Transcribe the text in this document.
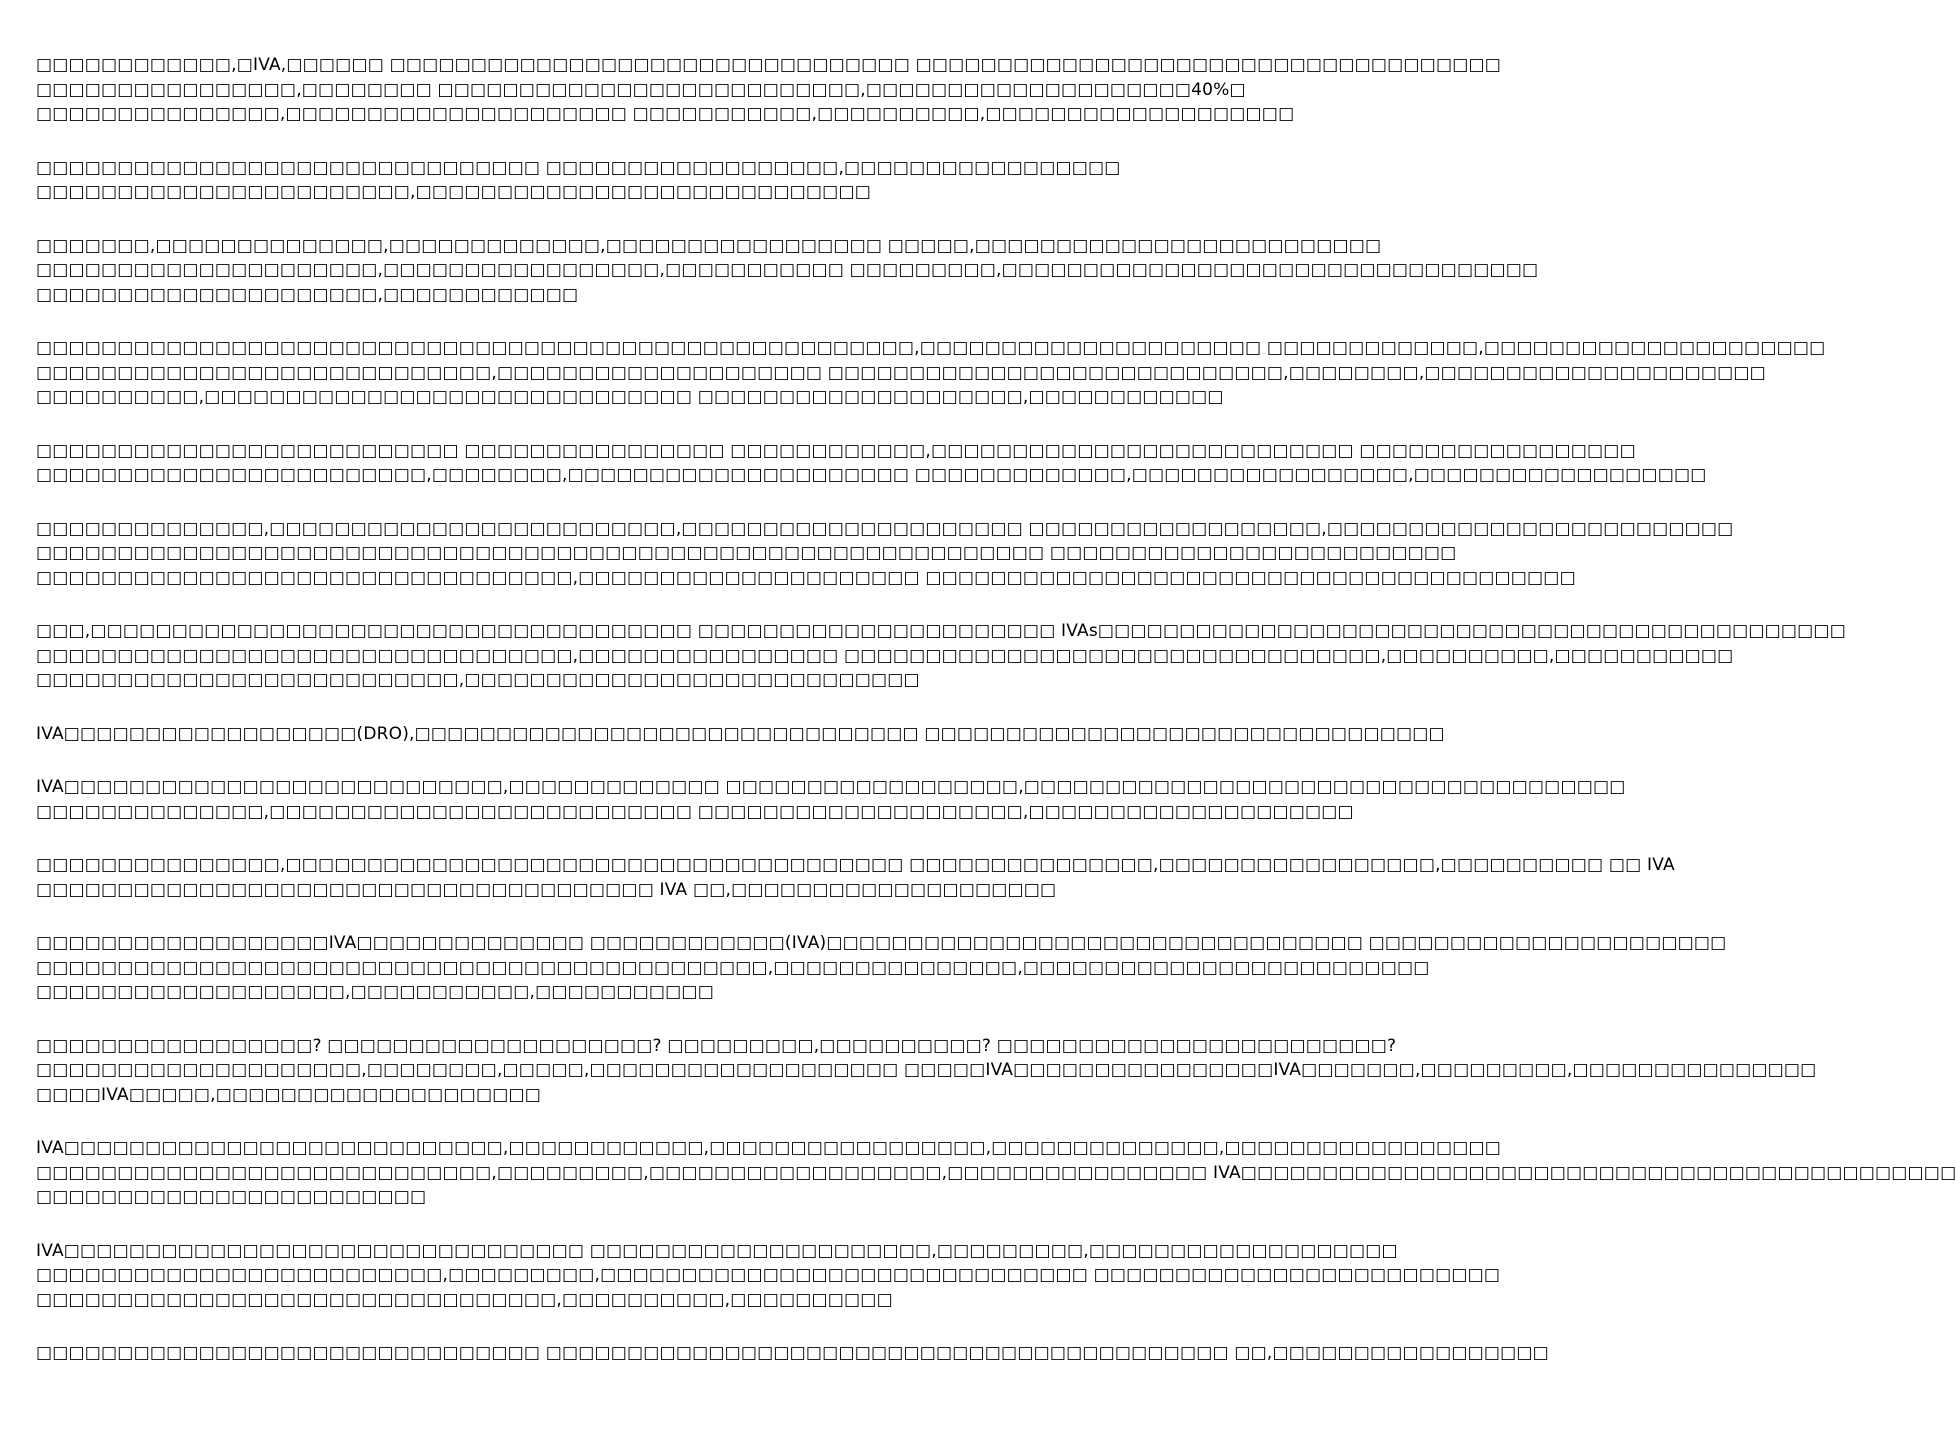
□□□□□□□□□□□□,□IVA,□□□□□□ □□□□□□□□□□□□□□□□□□□□□□□□□□□□□□□□ □□□□□□□□□□□□□□□□□□□□□□□□□□□□□□□□□□□□
□□□□□□□□□□□□□□□□,□□□□□□□□ □□□□□□□□□□□□□□□□□□□□□□□□□□,□□□□□□□□□□□□□□□□□□□□40%□
□□□□□□□□□□□□□□□,□□□□□□□□□□□□□□□□□□□□□ □□□□□□□□□□□,□□□□□□□□□□,□□□□□□□□□□□□□□□□□□□

□□□□□□□□□□□□□□□□□□□□□□□□□□□□□□□ □□□□□□□□□□□□□□□□□□,□□□□□□□□□□□□□□□□□
□□□□□□□□□□□□□□□□□□□□□□□,□□□□□□□□□□□□□□□□□□□□□□□□□□□□

□□□□□□□,□□□□□□□□□□□□□□,□□□□□□□□□□□□□,□□□□□□□□□□□□□□□□□ □□□□□,□□□□□□□□□□□□□□□□□□□□□□□□□
□□□□□□□□□□□□□□□□□□□□□,□□□□□□□□□□□□□□□□□,□□□□□□□□□□□ □□□□□□□□□,□□□□□□□□□□□□□□□□□□□□□□□□□□□□□□□□□
□□□□□□□□□□□□□□□□□□□□□,□□□□□□□□□□□□

□□□□□□□□□□□□□□□□□□□□□□□□□□□□□□□□□□□□□□□□□□□□□□□□□□□□□□,□□□□□□□□□□□□□□□□□□□□□ □□□□□□□□□□□□□,□□□□□□□□□□□□□□□□□□□□□
□□□□□□□□□□□□□□□□□□□□□□□□□□□□,□□□□□□□□□□□□□□□□□□□□ □□□□□□□□□□□□□□□□□□□□□□□□□□□□,□□□□□□□□,□□□□□□□□□□□□□□□□□□□□□
□□□□□□□□□□,□□□□□□□□□□□□□□□□□□□□□□□□□□□□□□ □□□□□□□□□□□□□□□□□□□□,□□□□□□□□□□□□

□□□□□□□□□□□□□□□□□□□□□□□□□□ □□□□□□□□□□□□□□□□ □□□□□□□□□□□□,□□□□□□□□□□□□□□□□□□□□□□□□□□ □□□□□□□□□□□□□□□□□
□□□□□□□□□□□□□□□□□□□□□□□□,□□□□□□□□,□□□□□□□□□□□□□□□□□□□□□ □□□□□□□□□□□□□,□□□□□□□□□□□□□□□□□,□□□□□□□□□□□□□□□□□□

□□□□□□□□□□□□□□,□□□□□□□□□□□□□□□□□□□□□□□□□,□□□□□□□□□□□□□□□□□□□□□ □□□□□□□□□□□□□□□□□□,□□□□□□□□□□□□□□□□□□□□□□□□□
□□□□□□□□□□□□□□□□□□□□□□□□□□□□□□□□□□□□□□□□□□□□□□□□□□□□□□□□□□□□□□ □□□□□□□□□□□□□□□□□□□□□□□□□
□□□□□□□□□□□□□□□□□□□□□□□□□□□□□□□□□,□□□□□□□□□□□□□□□□□□□□□ □□□□□□□□□□□□□□□□□□□□□□□□□□□□□□□□□□□□□□□□

□□□,□□□□□□□□□□□□□□□□□□□□□□□□□□□□□□□□□□□□□ □□□□□□□□□□□□□□□□□□□□□□ IVAs□□□□□□□□□□□□□□□□□□□□□□□□□□□□□□□□□□□□□□□□□□□□□□
□□□□□□□□□□□□□□□□□□□□□□□□□□□□□□□□□,□□□□□□□□□□□□□□□□ □□□□□□□□□□□□□□□□□□□□□□□□□□□□□□□□□,□□□□□□□□□□,□□□□□□□□□□□
□□□□□□□□□□□□□□□□□□□□□□□□□□,□□□□□□□□□□□□□□□□□□□□□□□□□□□□

IVA□□□□□□□□□□□□□□□□□□(DRO),□□□□□□□□□□□□□□□□□□□□□□□□□□□□□□□ □□□□□□□□□□□□□□□□□□□□□□□□□□□□□□□□

IVA□□□□□□□□□□□□□□□□□□□□□□□□□□□,□□□□□□□□□□□□□ □□□□□□□□□□□□□□□□□□,□□□□□□□□□□□□□□□□□□□□□□□□□□□□□□□□□□□□□
□□□□□□□□□□□□□□,□□□□□□□□□□□□□□□□□□□□□□□□□□ □□□□□□□□□□□□□□□□□□□□,□□□□□□□□□□□□□□□□□□□□

□□□□□□□□□□□□□□□,□□□□□□□□□□□□□□□□□□□□□□□□□□□□□□□□□□□□□□ □□□□□□□□□□□□□□□,□□□□□□□□□□□□□□□□□,□□□□□□□□□□ □□ IVA
□□□□□□□□□□□□□□□□□□□□□□□□□□□□□□□□□□□□□□ IVA □□,□□□□□□□□□□□□□□□□□□□□

□□□□□□□□□□□□□□□□□□IVA□□□□□□□□□□□□□□ □□□□□□□□□□□□(IVA)□□□□□□□□□□□□□□□□□□□□□□□□□□□□□□□□□ □□□□□□□□□□□□□□□□□□□□□□
□□□□□□□□□□□□□□□□□□□□□□□□□□□□□□□□□□□□□□□□□□□□□,□□□□□□□□□□□□□□□,□□□□□□□□□□□□□□□□□□□□□□□□□
□□□□□□□□□□□□□□□□□□□,□□□□□□□□□□□,□□□□□□□□□□□

□□□□□□□□□□□□□□□□□? □□□□□□□□□□□□□□□□□□□□? □□□□□□□□□,□□□□□□□□□□? □□□□□□□□□□□□□□□□□□□□□□□□?
□□□□□□□□□□□□□□□□□□□□,□□□□□□□□,□□□□□,□□□□□□□□□□□□□□□□□□□ □□□□□IVA□□□□□□□□□□□□□□□□IVA□□□□□□□,□□□□□□□□□,□□□□□□□□□□□□□□□
□□□□IVA□□□□□,□□□□□□□□□□□□□□□□□□□□

IVA□□□□□□□□□□□□□□□□□□□□□□□□□□□,□□□□□□□□□□□□,□□□□□□□□□□□□□□□□□,□□□□□□□□□□□□□□,□□□□□□□□□□□□□□□□□
□□□□□□□□□□□□□□□□□□□□□□□□□□□□,□□□□□□□□□,□□□□□□□□□□□□□□□□□□,□□□□□□□□□□□□□□□□ IVA□□□□□□□□□□□□□□□□□□□□□□□□□□□□□□□□□□□□□□□□□□□□
□□□□□□□□□□□□□□□□□□□□□□□□

IVA□□□□□□□□□□□□□□□□□□□□□□□□□□□□□□□□ □□□□□□□□□□□□□□□□□□□□□,□□□□□□□□□,□□□□□□□□□□□□□□□□□□□
□□□□□□□□□□□□□□□□□□□□□□□□□,□□□□□□□□□,□□□□□□□□□□□□□□□□□□□□□□□□□□□□□□ □□□□□□□□□□□□□□□□□□□□□□□□□
□□□□□□□□□□□□□□□□□□□□□□□□□□□□□□□□,□□□□□□□□□□,□□□□□□□□□□

□□□□□□□□□□□□□□□□□□□□□□□□□□□□□□□ □□□□□□□□□□□□□□□□□□□□□□□□□□□□□□□□□□□□□□□□□□ □□,□□□□□□□□□□□□□□□□□
